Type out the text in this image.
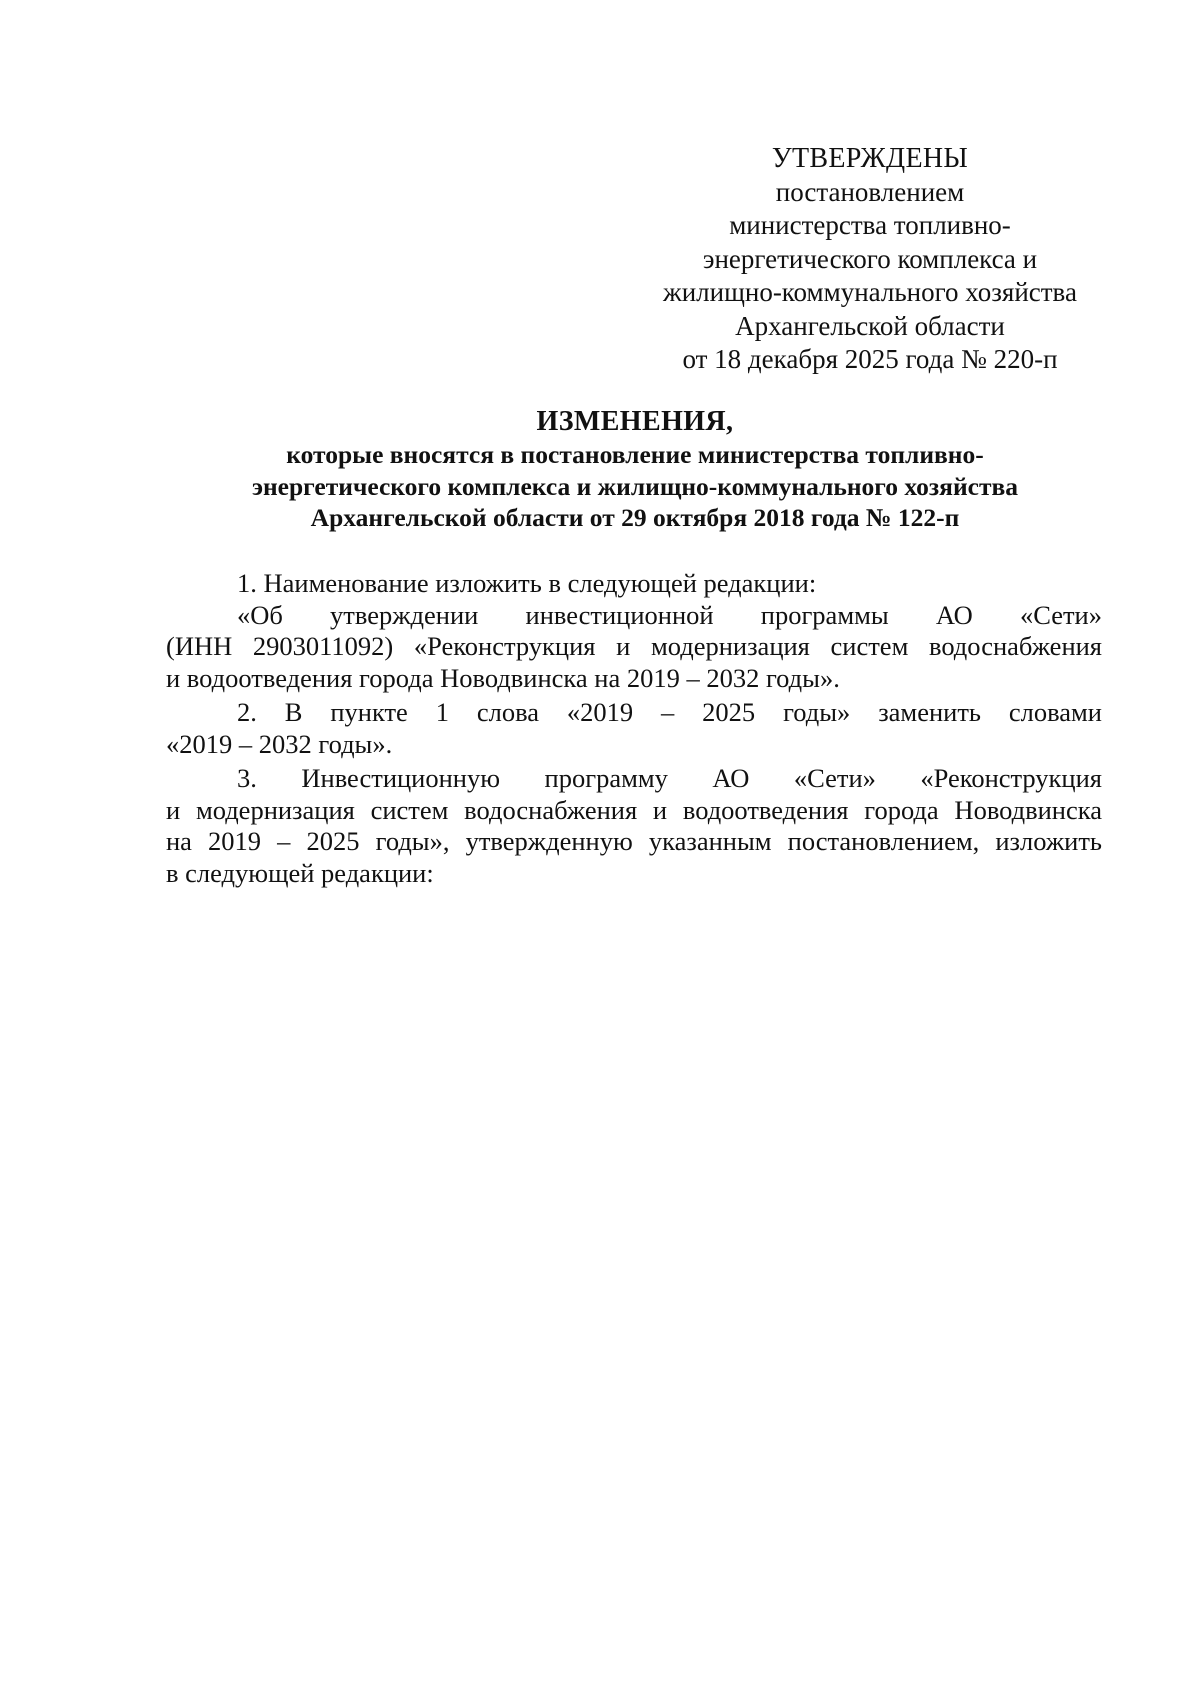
УТВЕРЖДЕНЫ
постановлением
министерства топливно-
энергетического комплекса и
жилищно-коммунального хозяйства
Архангельской области
от 18 декабря 2025 года № 220-п
ИЗМЕНЕНИЯ,
которые вносятся в постановление министерства топливно-
энергетического комплекса и жилищно-коммунального хозяйства
Архангельской области от 29 октября 2018 года № 122-п
1. Наименование изложить в следующей редакции:
«Об утверждении инвестиционной программы АО «Сети»
(ИНН 2903011092) «Реконструкция и модернизация систем водоснабжения
и водоотведения города Новодвинска на 2019 – 2032 годы».
2. В пункте 1 слова «2019 – 2025 годы» заменить словами
«2019 – 2032 годы».
3. Инвестиционную программу АО «Сети» «Реконструкция
и модернизация систем водоснабжения и водоотведения города Новодвинска
на 2019 – 2025 годы», утвержденную указанным постановлением, изложить
в следующей редакции:
